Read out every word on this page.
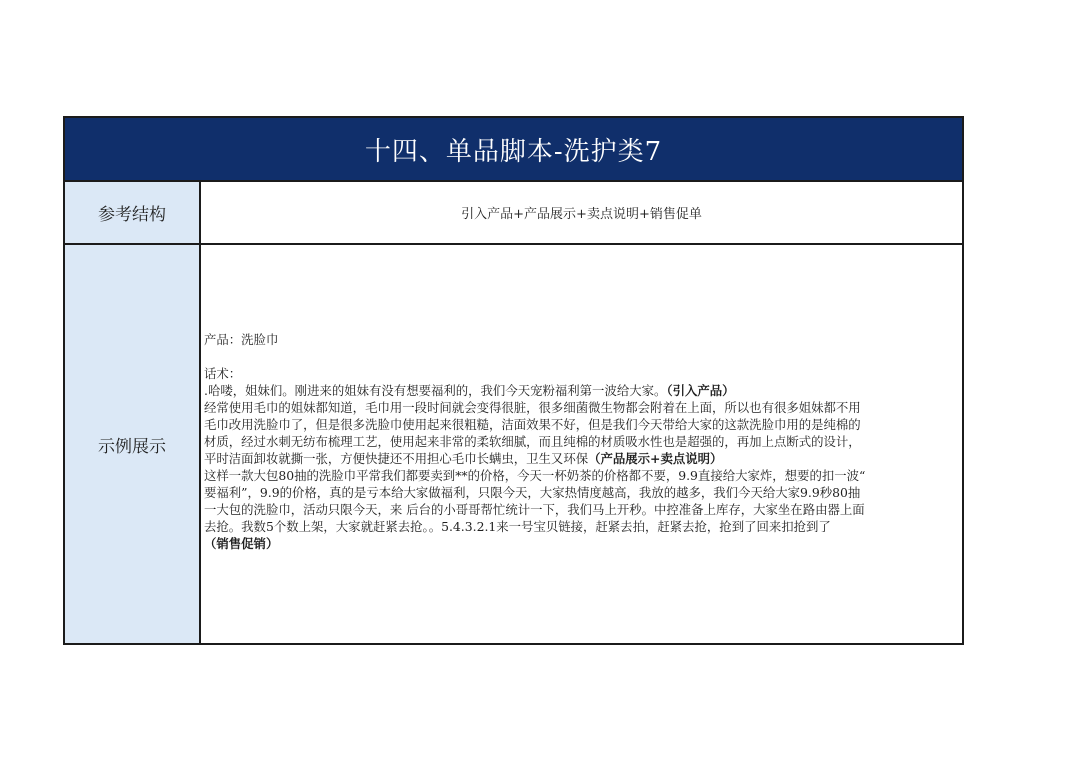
十四、单品脚本-洗护类7
参考结构	引入产品+产品展示+卖点说明+销售促单
示例展示
产品：洗脸巾
话术：
.哈喽，姐妹们。刚进来的姐妹有没有想要福利的，我们今天宠粉福利第一波给大家。（引入产品）
经常使用毛巾的姐妹都知道，毛巾用一段时间就会变得很脏，很多细菌微生物都会附着在上面，所以也有很多姐妹都不用
毛巾改用洗脸巾了，但是很多洗脸巾使用起来很粗糙，洁面效果不好，但是我们今天带给大家的这款洗脸巾用的是纯棉的
材质，经过水刺无纺布梳理工艺，使用起来非常的柔软细腻，而且纯棉的材质吸水性也是超强的，再加上点断式的设计，
平时洁面卸妆就撕一张，方便快捷还不用担心毛巾长螨虫，卫生又环保（产品展示+卖点说明）
这样一款大包80抽的洗脸巾平常我们都要卖到**的价格，今天一杯奶茶的价格都不要，9.9直接给大家炸，想要的扣一波“
要福利”，9.9的价格，真的是亏本给大家做福利，只限今天，大家热情度越高，我放的越多，我们今天给大家9.9秒80抽
一大包的洗脸巾，活动只限今天，来 后台的小哥哥帮忙统计一下，我们马上开秒。中控准备上库存，大家坐在路由器上面
去抢。我数5个数上架，大家就赶紧去抢。。5.4.3.2.1来一号宝贝链接，赶紧去拍，赶紧去抢，抢到了回来扣抢到了
（销售促销）
